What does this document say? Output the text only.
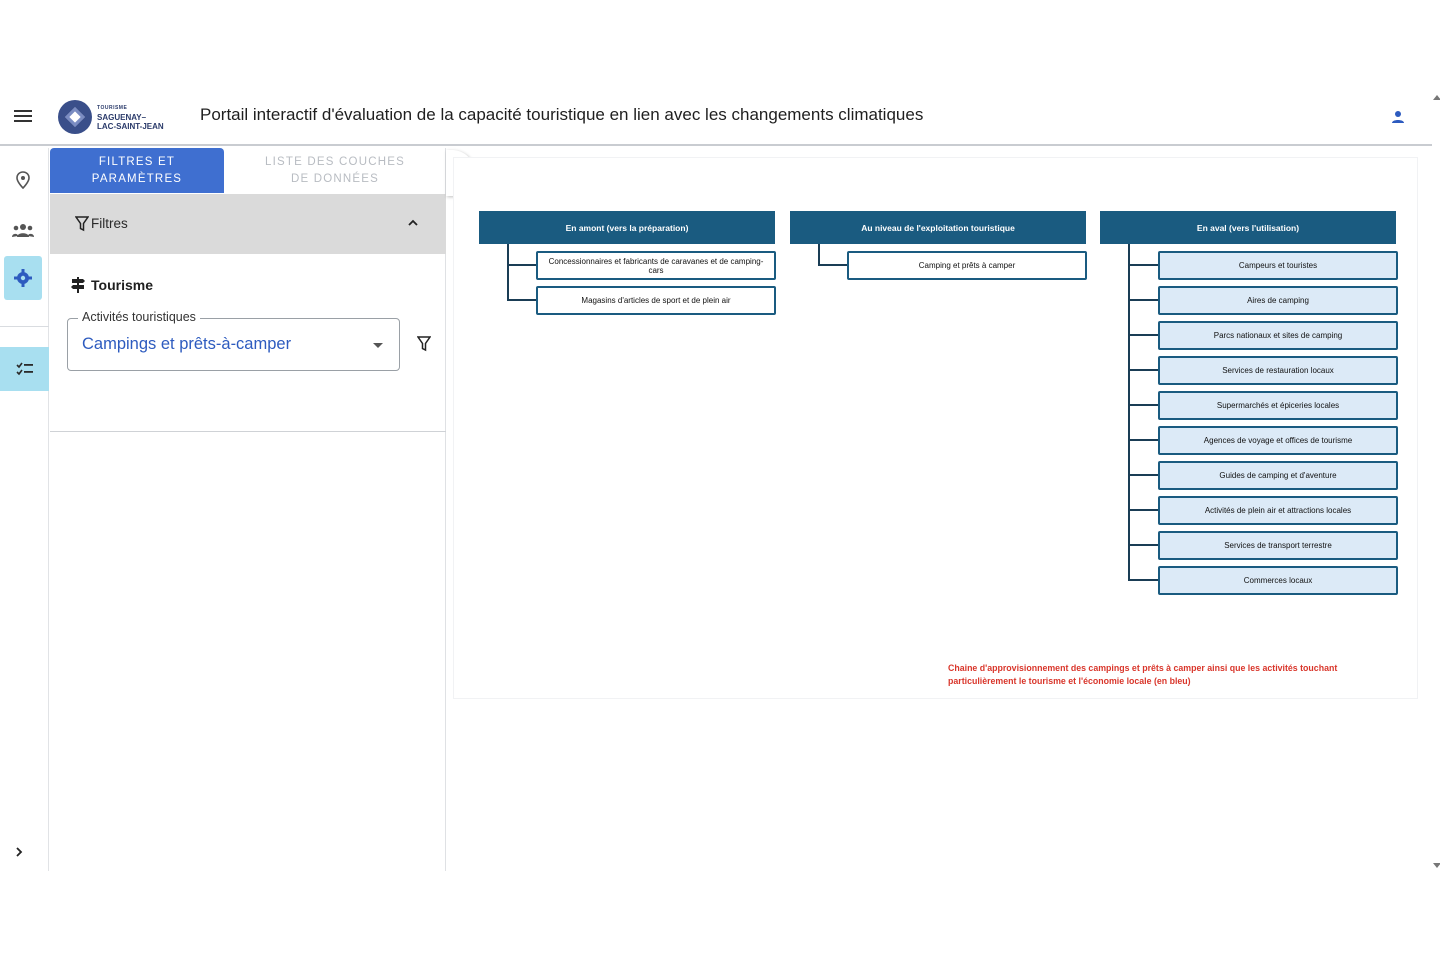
TOURISME
SAGUENAY–
LAC-SAINT-JEAN
Portail interactif d'évaluation de la capacité touristique en lien avec les changements climatiques
FILTRES ET
PARAMÈTRES
LISTE DES COUCHES
DE DONNÉES
Filtres
Tourisme
Activités touristiques
Campings et prêts-à-camper
En amont (vers la préparation)
Concessionnaires et fabricants de caravanes et de camping-cars
Magasins d'articles de sport et de plein air
Au niveau de l'exploitation touristique
Camping et prêts à camper
En aval (vers l'utilisation)
Campeurs et touristes
Aires de camping
Parcs nationaux et sites de camping
Services de restauration locaux
Supermarchés et épiceries locales
Agences de voyage et offices de tourisme
Guides de camping et d'aventure
Activités de plein air et attractions locales
Services de transport terrestre
Commerces locaux
Chaine d'approvisionnement des campings et prêts à camper ainsi que les activités touchant
particulièrement le tourisme et l'économie locale (en bleu)
